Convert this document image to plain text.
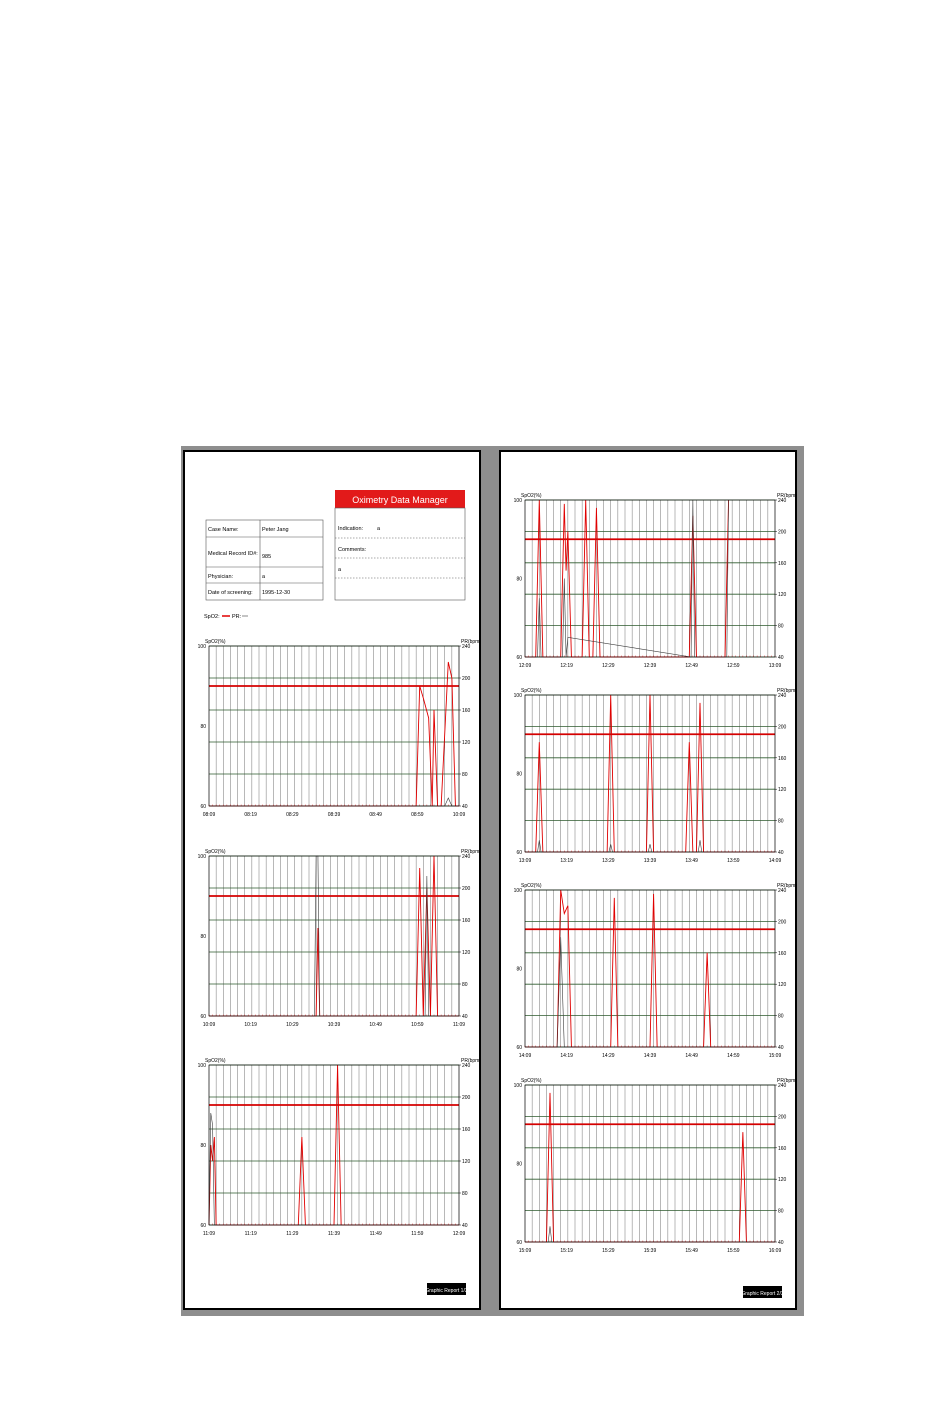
Oximetry Data Manager
Indication:	a
Comments:
a
Case Name:	Peter Jang
Medical Record ID#: 985
Physician:	a
Date of screening: 1995-12-30
SpO2: PR:
SpO2(%)	PR(bpm)
100
80
60
240
200
160
120
80
40
08:09	08:19	08:29	08:39	08:49	08:59	10:09
SpO2(%)	PR(bpm)
100
80
60
240
200
160
120
80
40
10:09	10:19	10:29	10:39	10:49	10:59	11:09
SpO2(%)	PR(bpm)
100
80
60
240
200
160
120
80
40
11:09	11:19	11:29	11:39	11:49	11:59	12:09
Graphic Report 1/3
SpO2(%)	PR(bpm)
100
80
60
240
200
160
120
80
40
12:09	12:19	12:29	12:39	12:49	12:59	13:09
SpO2(%)	PR(bpm)
100
80
60
240
200
160
120
80
40
13:09	13:19	13:29	13:39	13:49	13:59	14:09
SpO2(%)	PR(bpm)
100
80
60
240
200
160
120
80
40
14:09	14:19	14:29	14:39	14:49	14:59	15:09
SpO2(%)	PR(bpm)
100
80
60
240
200
160
120
80
40
15:09	15:19	15:29	15:39	15:49	15:59	16:09
Graphic Report 2/3
